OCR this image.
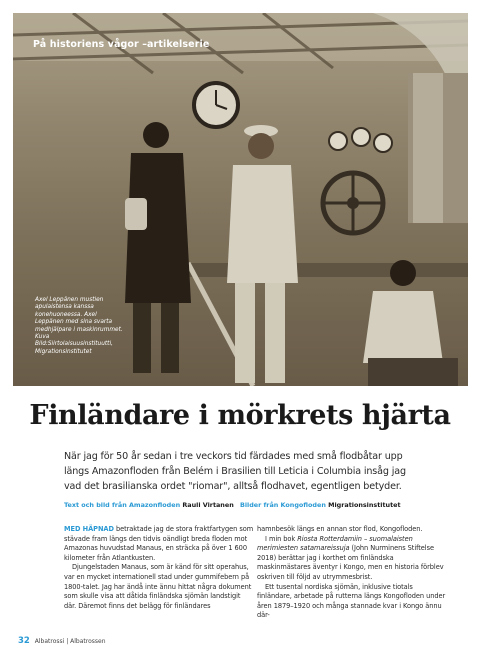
På historiens vågor –artikelserie
Axel Leppänen mustien apulaistensa kanssa konehuoneessa. Axel Leppänen med sina svarta medhjälpare i maskinrummet.
Kuva Bild:Siirtolaisuusinstituutti, Migrationsinstitutet
Finländare i mörkrets hjärta

När jag för 50 år sedan i tre veckors tid färdades med små flodbåtar upp längs Amazonfloden från Belém i Brasilien till Leticia i Columbia insåg jag vad det brasilianska ordet "riomar", alltså flodhavet, egentligen betyder.

Text och bild från Amazonfloden Rauli Virtanen Bilder från Kongofloden Migrationsinstitutet

MED HÄPNAD betraktade jag de stora fraktfartygen som stävade fram längs den tidvis oändligt breda floden mot Amazonas huvudstad Manaus, en sträcka på över 1 600 kilometer från Atlantkusten.

Djungelstaden Manaus, som är känd för sitt operahus, var en mycket internationell stad under gummifebern på 1800-talet. Jag har ändå inte ännu hittat några dokument som skulle visa att dåtida finländska sjömän landstigit där. Däremot finns det belägg för finländares

hamnbesök längs en annan stor flod, Kongofloden.

I min bok Riosta Rotterdamiin – suomalaisten merimiesten satamareissuja (John Nurminens Stiftelse 2018) berättar jag i korthet om finländska maskinmästares äventyr i Kongo, men en historia förblev oskriven till följd av utrymmesbrist.

Ett tusental nordiska sjömän, inklusive tiotals finländare, arbetade på rutterna längs Kongofloden under åren 1879–1920 och många stannade kvar i Kongo ännu där-

32 Albatrossi | Albatrossen
